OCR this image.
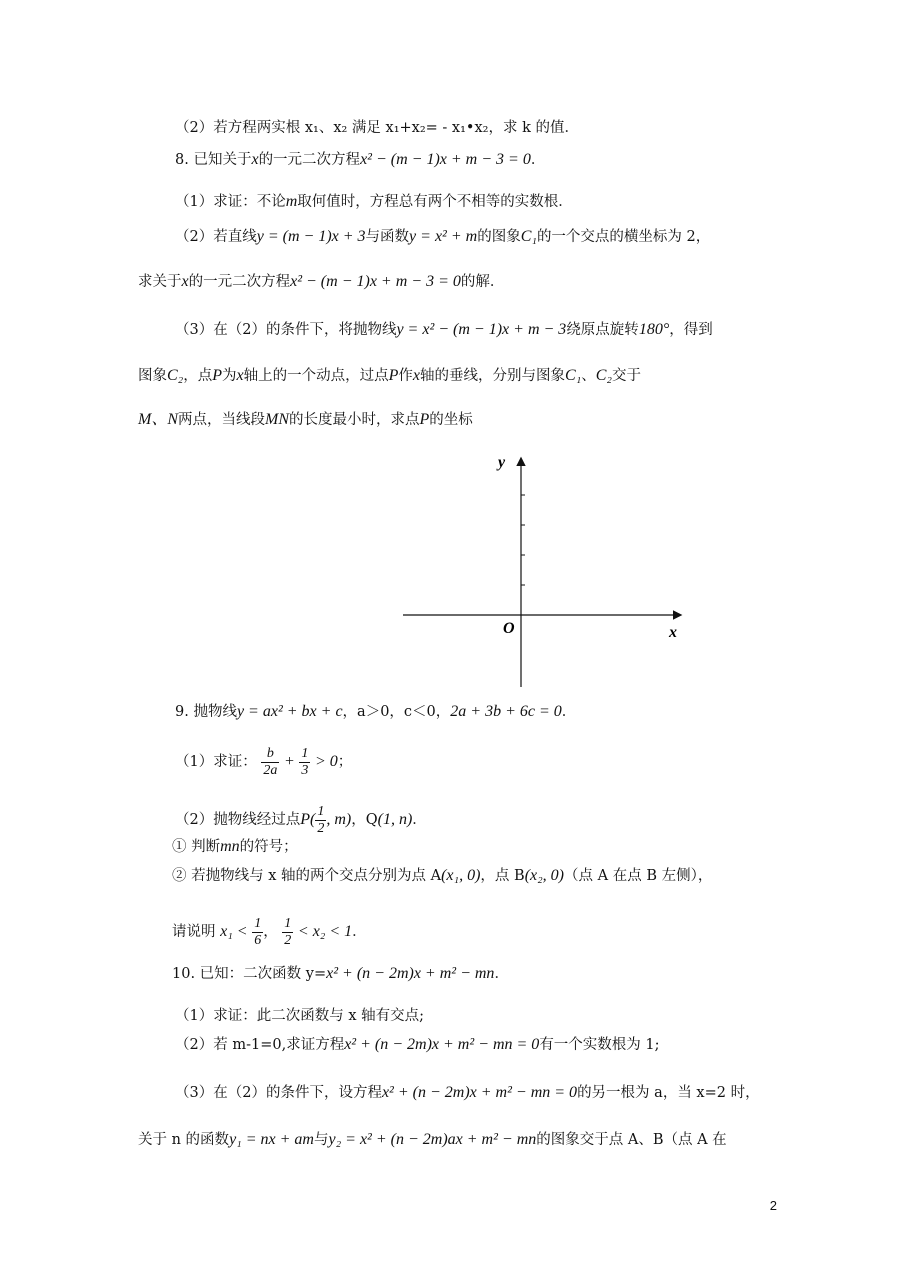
（2）若方程两实根 x₁、x₂ 满足 x₁+x₂= - x₁•x₂，求 k 的值．
8. 已知关于x的一元二次方程x² − (m − 1)x + m − 3 = 0．
（1）求证：不论m取何值时，方程总有两个不相等的实数根．
（2）若直线y = (m − 1)x + 3与函数y = x² + m的图象C₁的一个交点的横坐标为 2，
求关于x的一元二次方程x² − (m − 1)x + m − 3 = 0的解．
（3）在（2）的条件下，将抛物线y = x² − (m − 1)x + m − 3绕原点旋转180°，得到
图象C₂，点P为x轴上的一个动点，过点P作x轴的垂线，分别与图象C₁、C₂交于
M、N两点，当线段MN的长度最小时，求点P的坐标
y
x
O
9. 抛物线y = ax² + bx + c，a＞0，c＜0，2a + 3b + 6c = 0．
（1）求证： $\frac{b}{2a} + \frac{1}{3} > 0$；
（2）抛物线经过点$P( \frac{1}{2}$ , m)，Q(1, n)．
① 判断mn的符号；
② 若抛物线与 x 轴的两个交点分别为点 A(x₁, 0)，点 B(x₂, 0)（点 A 在点 B 左侧），
请说明 $x_1 < \frac{1}{6}$ ， $\frac{1}{2} < x_2 < 1$．
10. 已知：二次函数 y=x² + (n − 2m)x + m² − mn．
（1）求证：此二次函数与 x 轴有交点;
（2）若 m-1=0,求证方程x² + (n − 2m)x + m² − mn = 0有一个实数根为 1;
（3）在（2）的条件下，设方程x² + (n − 2m)x + m² − mn = 0的另一根为 a，当 x=2 时，
关于 n 的函数y₁ = nx + am与y₂ = x² + (n − 2m)ax + m² − mn的图象交于点 A、B（点 A 在
2
